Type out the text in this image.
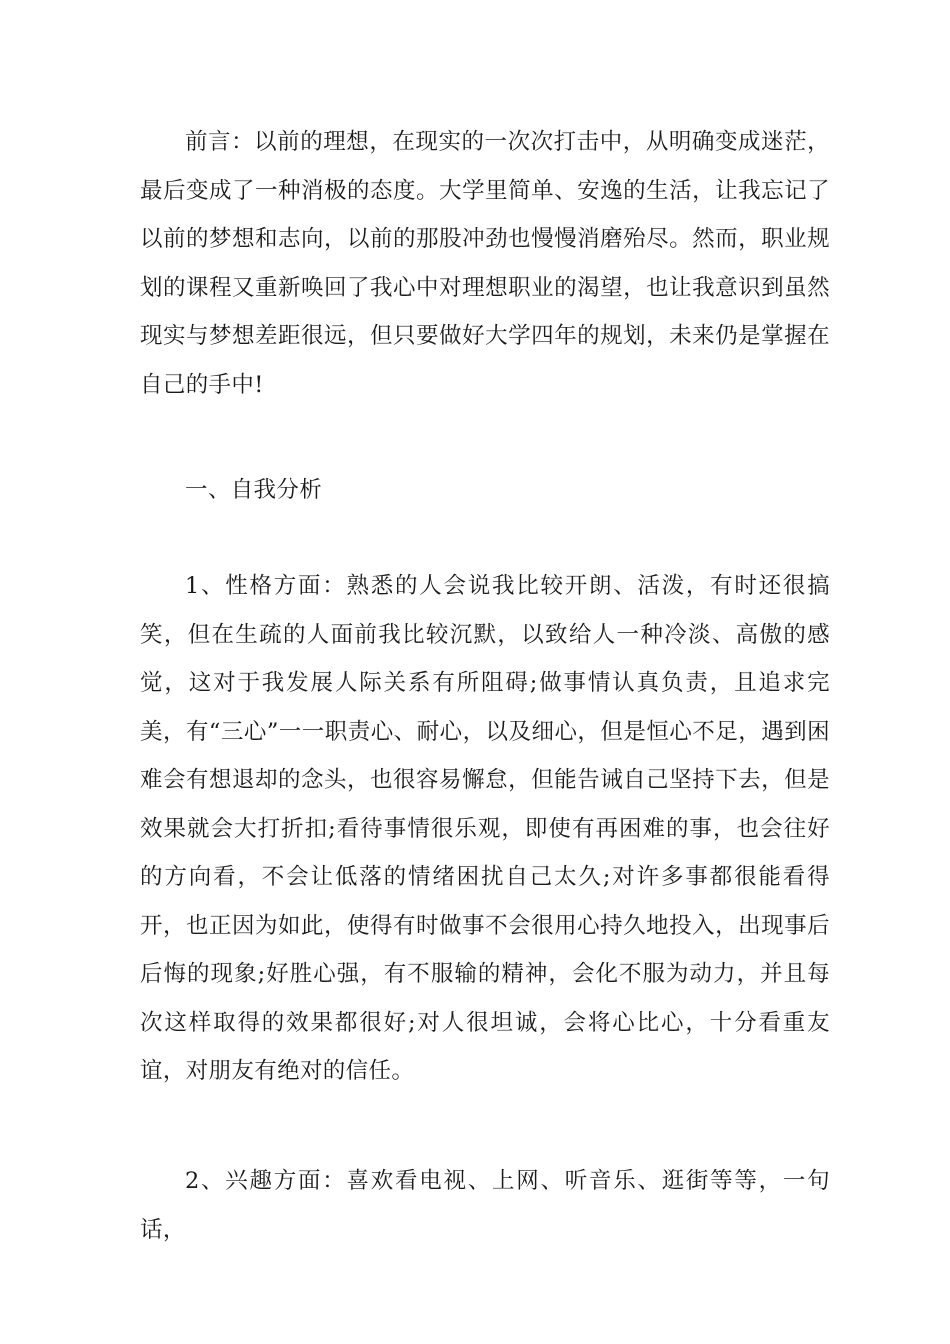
前言：以前的理想，在现实的一次次打击中，从明确变成迷茫，最后变成了一种消极的态度。大学里简单、安逸的生活，让我忘记了以前的梦想和志向，以前的那股冲劲也慢慢消磨殆尽。然而，职业规划的课程又重新唤回了我心中对理想职业的渴望，也让我意识到虽然现实与梦想差距很远，但只要做好大学四年的规划，未来仍是掌握在自己的手中!

一、自我分析

1、性格方面：熟悉的人会说我比较开朗、活泼，有时还很搞笑，但在生疏的人面前我比较沉默，以致给人一种冷淡、高傲的感觉，这对于我发展人际关系有所阻碍;做事情认真负责，且追求完美，有“三心”一一职责心、耐心，以及细心，但是恒心不足，遇到困难会有想退却的念头，也很容易懈怠，但能告诫自己坚持下去，但是效果就会大打折扣;看待事情很乐观，即使有再困难的事，也会往好的方向看，不会让低落的情绪困扰自己太久;对许多事都很能看得开，也正因为如此，使得有时做事不会很用心持久地投入，出现事后后悔的现象;好胜心强，有不服输的精神，会化不服为动力，并且每次这样取得的效果都很好;对人很坦诚，会将心比心，十分看重友谊，对朋友有绝对的信任。

2、兴趣方面：喜欢看电视、上网、听音乐、逛街等等，一句话，
